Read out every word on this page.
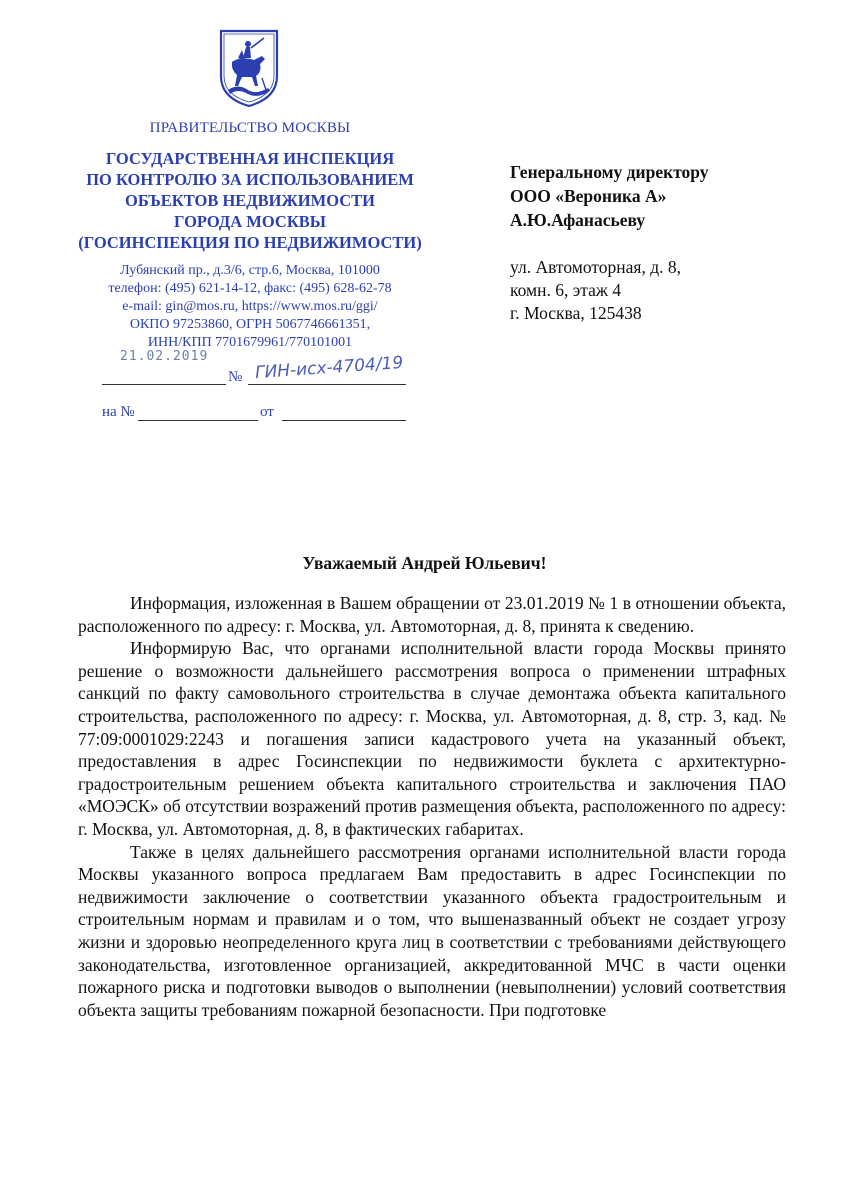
ПРАВИТЕЛЬСТВО МОСКВЫ
ГОСУДАРСТВЕННАЯ ИНСПЕКЦИЯ
ПО КОНТРОЛЮ ЗА ИСПОЛЬЗОВАНИЕМ
ОБЪЕКТОВ НЕДВИЖИМОСТИ
ГОРОДА МОСКВЫ
(ГОСИНСПЕКЦИЯ ПО НЕДВИЖИМОСТИ)
Лубянский пр., д.3/6, стр.6, Москва, 101000
телефон: (495) 621-14-12, факс: (495) 628-62-78
e-mail: gin@mos.ru, https://www.mos.ru/ggi/
ОКПО 97253860, ОГРН 5067746661351,
ИНН/КПП 7701679961/770101001
21.02.2019
№ ГИН-исх-4704/19
на №	от
Генеральному директору
ООО «Вероника А»
А.Ю.Афанасьеву
ул. Автомоторная, д. 8,
комн. 6, этаж 4
г. Москва, 125438
Уважаемый Андрей Юльевич!

Информация, изложенная в Вашем обращении от 23.01.2019 № 1 в отношении объекта, расположенного по адресу: г. Москва, ул. Автомоторная, д. 8, принята к сведению.

Информирую Вас, что органами исполнительной власти города Москвы принято решение о возможности дальнейшего рассмотрения вопроса о применении штрафных санкций по факту самовольного строительства в случае демонтажа объекта капитального строительства, расположенного по адресу: г. Москва, ул. Автомоторная, д. 8, стр. 3, кад. № 77:09:0001029:2243 и погашения записи кадастрового учета на указанный объект, предоставления в адрес Госинспекции по недвижимости буклета с архитектурно-градостроительным решением объекта капитального строительства и заключения ПАО «МОЭСК» об отсутствии возражений против размещения объекта, расположенного по адресу: г. Москва, ул. Автомоторная, д. 8, в фактических габаритах.

Также в целях дальнейшего рассмотрения органами исполнительной власти города Москвы указанного вопроса предлагаем Вам предоставить в адрес Госинспекции по недвижимости заключение о соответствии указанного объекта градостроительным и строительным нормам и правилам и о том, что вышеназванный объект не создает угрозу жизни и здоровью неопределенного круга лиц в соответствии с требованиями действующего законодательства, изготовленное организацией, аккредитованной МЧС в части оценки пожарного риска и подготовки выводов о выполнении (невыполнении) условий соответствия объекта защиты требованиям пожарной безопасности. При подготовке
